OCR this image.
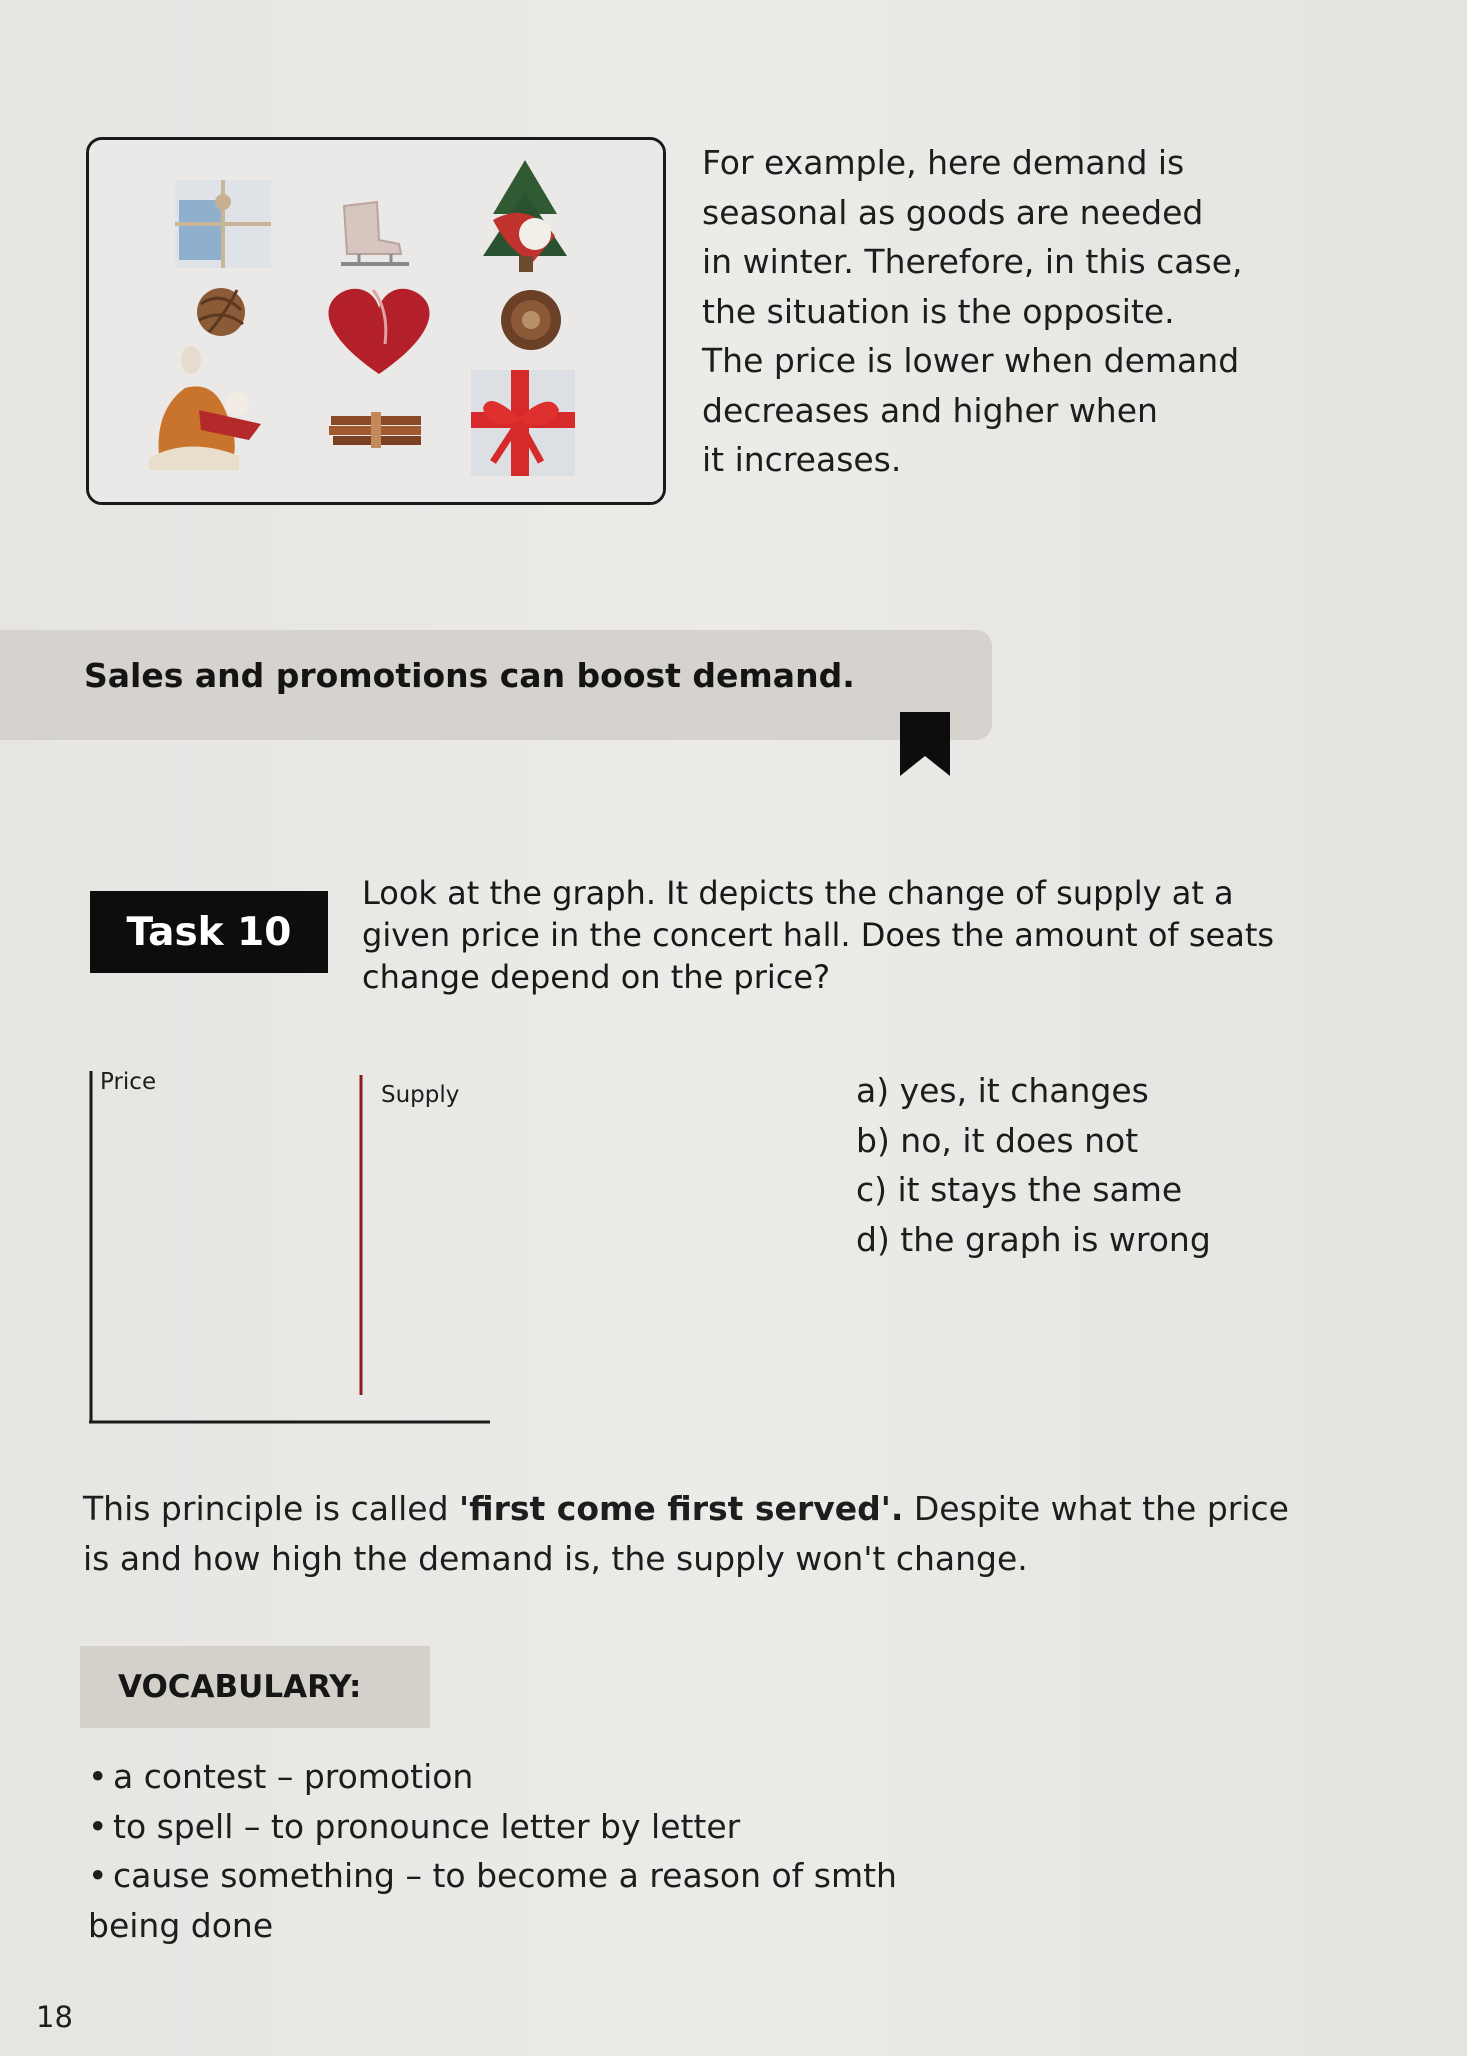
For example, here demand is
seasonal as goods are needed
in winter. Therefore, in this case,
the situation is the opposite.
The price is lower when demand
decreases and higher when
it increases.
Sales and promotions can boost demand.
Task 10
Look at the graph. It depicts the change of supply at a
given price in the concert hall. Does the amount of seats
change depend on the price?
Price	Supply	a) yes, it changes
b) no, it does not
c) it stays the same
d) the graph is wrong
This principle is called 'first come first served'. Despite what the price
is and how high the demand is, the supply won't change.
VOCABULARY:
• a contest – promotion
• to spell – to pronounce letter by letter
• cause something – to become a reason of smth
being done
18
